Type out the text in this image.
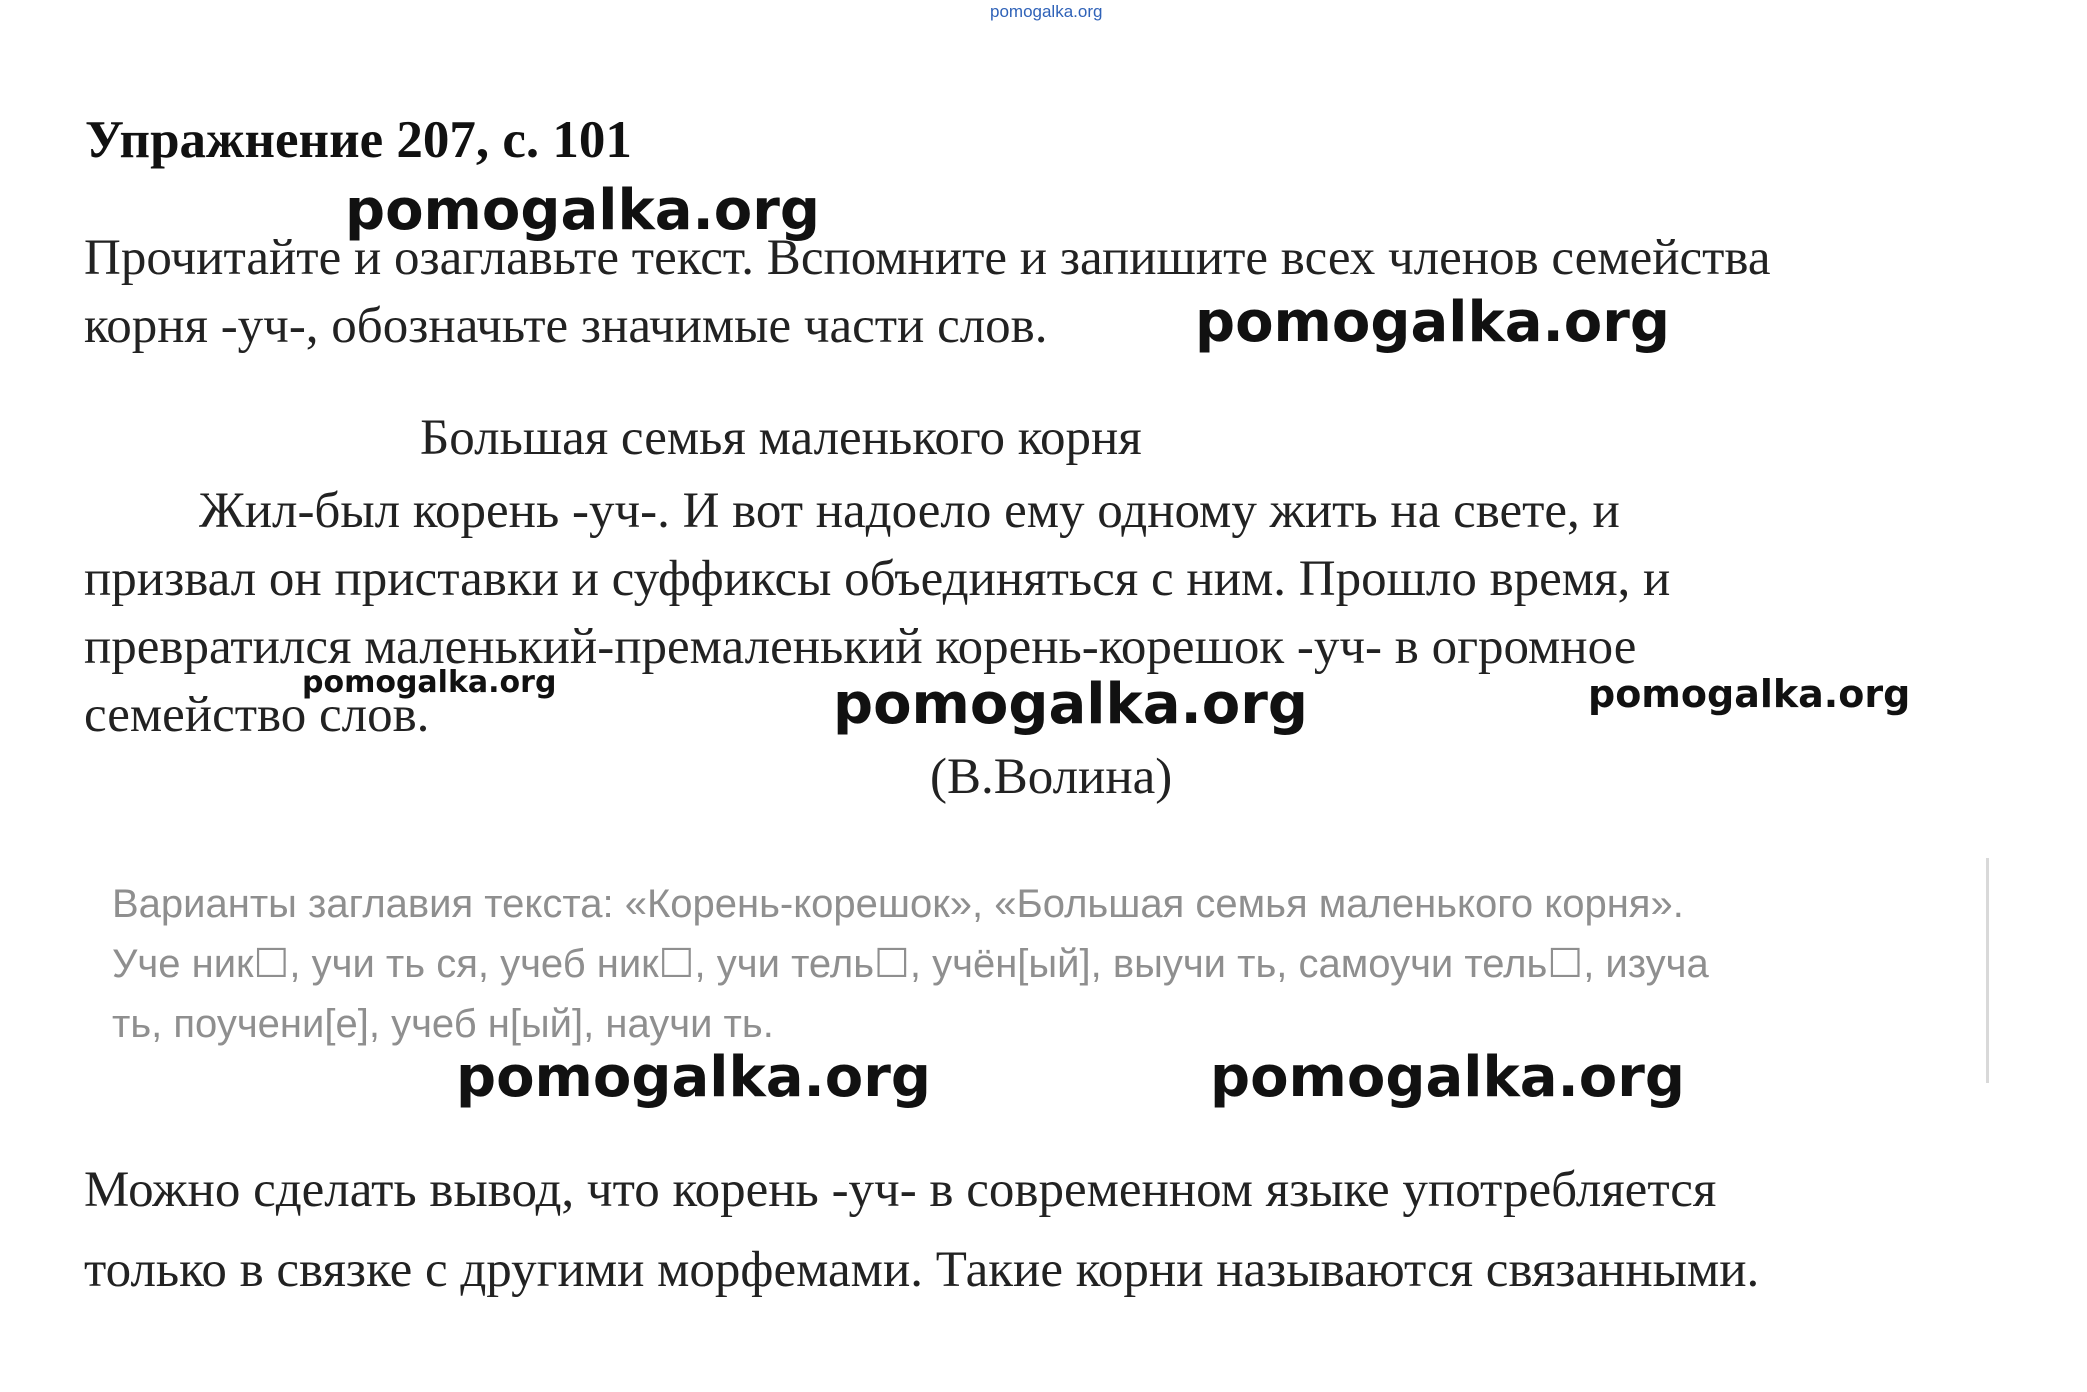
pomogalka.org
Упражнение 207, с. 101
pomogalka.org
Прочитайте и озаглавьте текст. Вспомните и запишите всех членов семейства
корня -уч-, обозначьте значимые части слов.	pomogalka.org
Большая семья маленького корня
Жил-был корень -уч-. И вот надоело ему одному жить на свете, и
призвал он приставки и суффиксы объединяться с ним. Прошло время, и
превратился маленький-премаленький корень-корешок -уч- в огромное
семейство слов.
pomogalka.org	pomogalka.org	pomogalka.org
(В.Волина)
Варианты заглавия текста: «Корень-корешок», «Большая семья маленького корня».
Уче ник☐, учи ть ся, учеб ник☐, учи тель☐, учён[ый], выучи ть, самоучи тель☐, изуча
ть, поучени[е], учеб н[ый], научи ть.
pomogalka.org	pomogalka.org
Можно сделать вывод, что корень -уч- в современном языке употребляется
только в связке с другими морфемами. Такие корни называются связанными.
